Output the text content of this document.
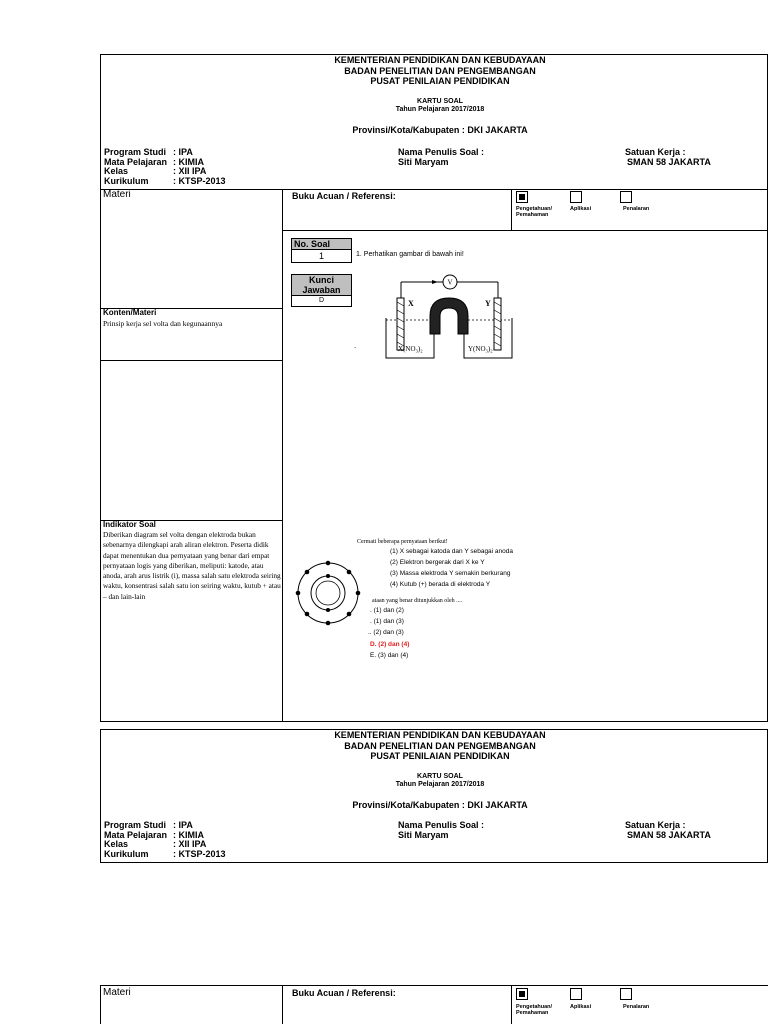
KEMENTERIAN PENDIDIKAN DAN KEBUDAYAAN
BADAN PENELITIAN DAN PENGEMBANGAN
PUSAT PENILAIAN PENDIDIKAN
KARTU SOAL
Tahun Pelajaran 2017/2018
Provinsi/Kota/Kabupaten : DKI JAKARTA
Program Studi : IPA
Mata Pelajaran : KIMIA
Kelas	: XII IPA
Kurikulum	: KTSP-2013
Nama Penulis Soal :
Siti Maryam
Satuan Kerja :
SMAN 58 JAKARTA
Materi	Buku Acuan / Referensi:
Pengetahuan/ Pemahaman
Aplikasi	Penalaran
No. Soal
1
Kunci Jawaban
D
1. Perhatikan gambar di bawah ini!
V
X	Y
X(NO₃)₂	Y(NO₃)₂
.
Konten/Materi
Prinsip kerja sel volta dan kegunaannya
Indikator Soal
Diberikan diagram sel volta dengan elektroda bukan sebenarnya dilengkapi arah aliran elektron. Peserta didik dapat menentukan dua pernyataan yang benar dari empat pernyataan logis yang diberikan, meliputi: katode, atau anoda, arah arus listrik (i), massa salah satu elektroda seiring waktu, konsentrasi salah satu ion seiring waktu, kutub + atau – dan lain-lain
Cermati beberapa pernyataan berikut!
(1) X sebagai katoda dan Y sebagai anoda
(2) Elektron bergerak dari X ke Y
(3) Massa elektroda Y semakin berkurang
(4) Kutub (+) berada di elektroda Y
ataan yang benar ditunjukkan oleh ....
. (1) dan (2)
. (1) dan (3)
.. (2) dan (3)
D. (2) dan (4)
E. (3) dan (4)
KEMENTERIAN PENDIDIKAN DAN KEBUDAYAAN
BADAN PENELITIAN DAN PENGEMBANGAN
PUSAT PENILAIAN PENDIDIKAN
KARTU SOAL
Tahun Pelajaran 2017/2018
Provinsi/Kota/Kabupaten : DKI JAKARTA
Program Studi : IPA
Mata Pelajaran : KIMIA
Kelas	: XII IPA
Kurikulum	: KTSP-2013
Nama Penulis Soal :
Siti Maryam
Satuan Kerja :
SMAN 58 JAKARTA
Materi	Buku Acuan / Referensi:
Pengetahuan/ Pemahaman
Aplikasi	Penalaran
